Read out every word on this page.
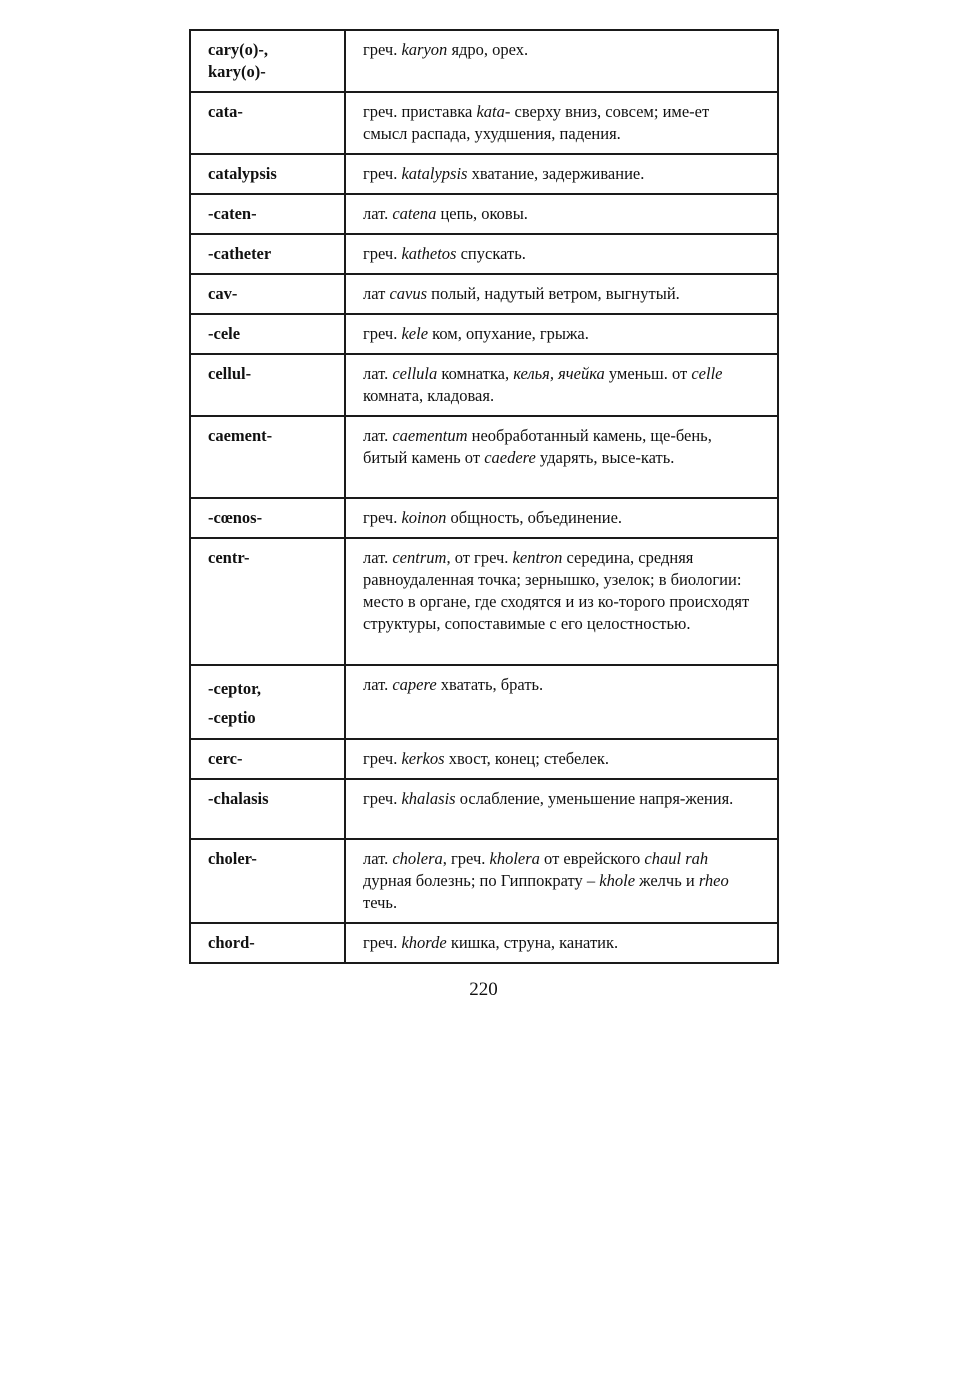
cary(o)-,
kary(o)-	греч. karyon ядро, орех.

cata-	греч. приставка kata- сверху вниз, совсем; име-ет смысл распада, ухудшения, падения.

catalypsis	греч. katalypsis хватание, задерживание.

-caten-	лат. catena цепь, оковы.

-catheter	греч. kathetos спускать.

cav-	лат cavus полый, надутый ветром, выгнутый.

-cele	греч. kele ком, опухание, грыжа.

cellul-	лат. cellula комнатка, келья, ячейка уменьш. от celle комната, кладовая.

caement-	лат. caementum необработанный камень, ще-бень, битый камень от caedere ударять, высе-кать.

-cœnos-	греч. koinon общность, объединение.

centr-	лат. centrum, от греч. kentron середина, средняя равноудаленная точка; зернышко, узелок; в биологии: место в органе, где сходятся и из ко-торого происходят структуры, сопоставимые с его целостностью.

-ceptor,
-ceptio	лат. capere хватать, брать.

cerc-	греч. kerkos хвост, конец; стебелек.

-chalasis	греч. khalasis ослабление, уменьшение напря-жения.

choler-	лат. cholera, греч. kholera от еврейского chaul rah дурная болезнь; по Гиппократу – khole желчь и rheo течь.

chord-	греч. khorde кишка, струна, канатик.
220
